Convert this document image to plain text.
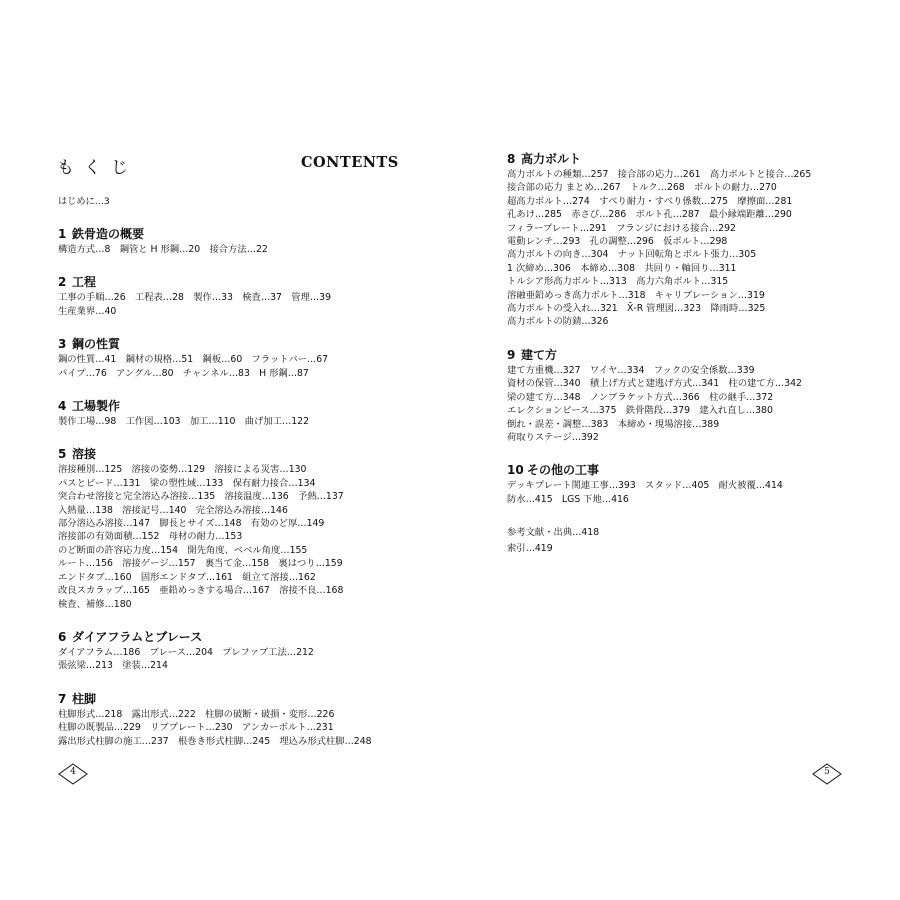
もくじ	CONTENTS
はじめに…3
1 鉄骨造の概要
構造方式…8　鋼管と H 形鋼…20　接合方法…22
2 工程
工事の手順…26　工程表…28　製作…33　検査…37　管理…39
生産業界…40
3 鋼の性質
鋼の性質…41　鋼材の規格…51　鋼板…60　フラットバー…67
パイプ…76　アングル…80　チャンネル…83　H 形鋼…87
4 工場製作
製作工場…98　工作図…103　加工…110　曲げ加工…122
5 溶接
溶接種別…125　溶接の姿勢…129　溶接による災害…130
パスとビード…131　梁の塑性域…133　保有耐力接合…134
突合わせ溶接と完全溶込み溶接…135　溶接温度…136　予熱…137
入熱量…138　溶接記号…140　完全溶込み溶接…146
部分溶込み溶接…147　脚長とサイズ…148　有効のど厚…149
溶接部の有効面積…152　母材の耐力…153
のど断面の許容応力度…154　開先角度、ベベル角度…155
ルート…156　溶接ゲージ…157　裏当て金…158　裏はつり…159
エンドタブ…160　固形エンドタブ…161　組立て溶接…162
改良スカラップ…165　亜鉛めっきする場合…167　溶接不良…168
検査、補修…180
6 ダイアフラムとブレース
ダイアフラム…186　ブレース…204　プレファブ工法…212
張弦梁…213　塗装…214
7 柱脚
柱脚形式…218　露出形式…222　柱脚の破断・破損・変形…226
柱脚の既製品…229　リブプレート…230　アンカーボルト…231
露出形式柱脚の施工…237　根巻き形式柱脚…245　埋込み形式柱脚…248
4	5
8 高力ボルト
高力ボルトの種類…257　接合部の応力…261　高力ボルトと接合…265
接合部の応力 まとめ…267　トルク…268　ボルトの耐力…270
超高力ボルト…274　すべり耐力・すべり係数…275　摩擦面…281
孔あけ…285　赤さび…286　ボルト孔…287　最小縁端距離…290
フィラープレート…291　フランジにおける接合…292
電動レンチ…293　孔の調整…296　仮ボルト…298
高力ボルトの向き…304　ナット回転角とボルト張力…305
1 次締め…306　本締め…308　共回り・軸回り…311
トルシア形高力ボルト…313　高力六角ボルト…315
溶融亜鉛めっき高力ボルト…318　キャリブレーション…319
高力ボルトの受入れ…321　X̄-R 管理図…323　降雨時…325
高力ボルトの防錆…326
9 建て方
建て方重機…327　ワイヤ…334　フックの安全係数…339
資材の保管…340　積上げ方式と建逃げ方式…341　柱の建て方…342
梁の建て方…348　ノンブラケット方式…366　柱の継手…372
エレクションピース…375　鉄骨階段…379　建入れ直し…380
倒れ・誤差・調整…383　本締め・現場溶接…389
荷取りステージ…392
10 その他の工事
デッキプレート関連工事…393　スタッド…405　耐火被覆…414
防水…415　LGS 下地…416
参考文献・出典…418
索引…419
